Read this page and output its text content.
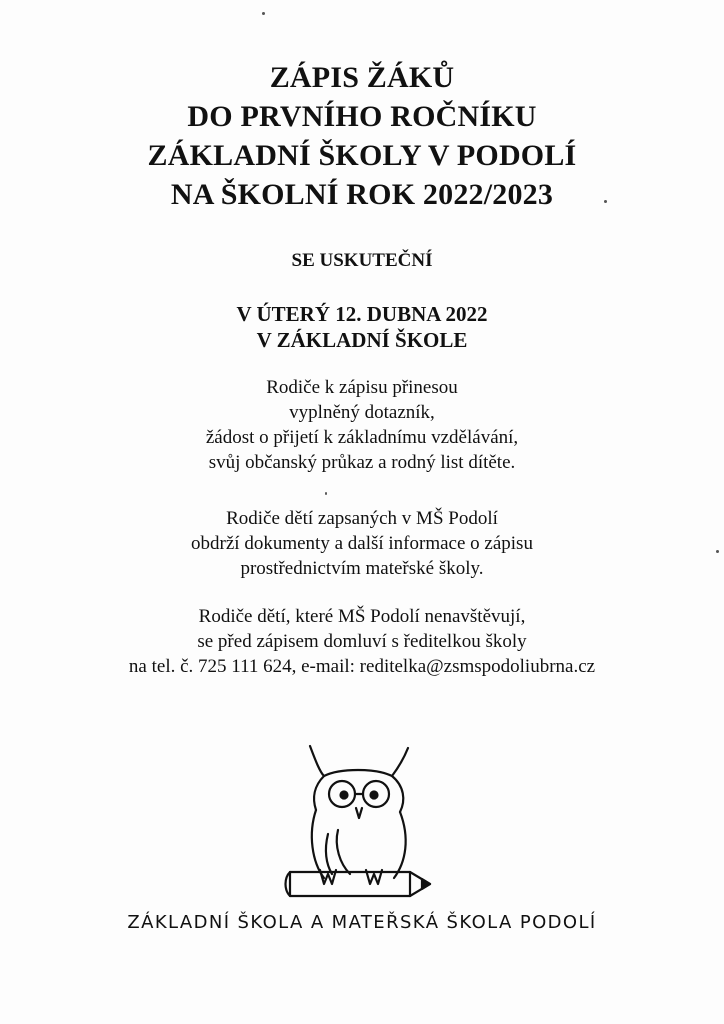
ZÁPIS ŽÁKŮ
DO PRVNÍHO ROČNÍKU
ZÁKLADNÍ ŠKOLY V PODOLÍ
NA ŠKOLNÍ ROK 2022/2023
SE USKUTEČNÍ
V ÚTERÝ 12. DUBNA 2022
V ZÁKLADNÍ ŠKOLE
Rodiče k zápisu přinesou
vyplněný dotazník,
žádost o přijetí k základnímu vzdělávání,
svůj občanský průkaz a rodný list dítěte.
Rodiče dětí zapsaných v MŠ Podolí
obdrží dokumenty a další informace o zápisu
prostřednictvím mateřské školy.
Rodiče dětí, které MŠ Podolí nenavštěvují,
se před zápisem domluví s ředitelkou školy
na tel. č. 725 111 624, e-mail: reditelka@zsmspodoliubrna.cz
ZÁKLADNÍ ŠKOLA A MATEŘSKÁ ŠKOLA PODOLÍ
